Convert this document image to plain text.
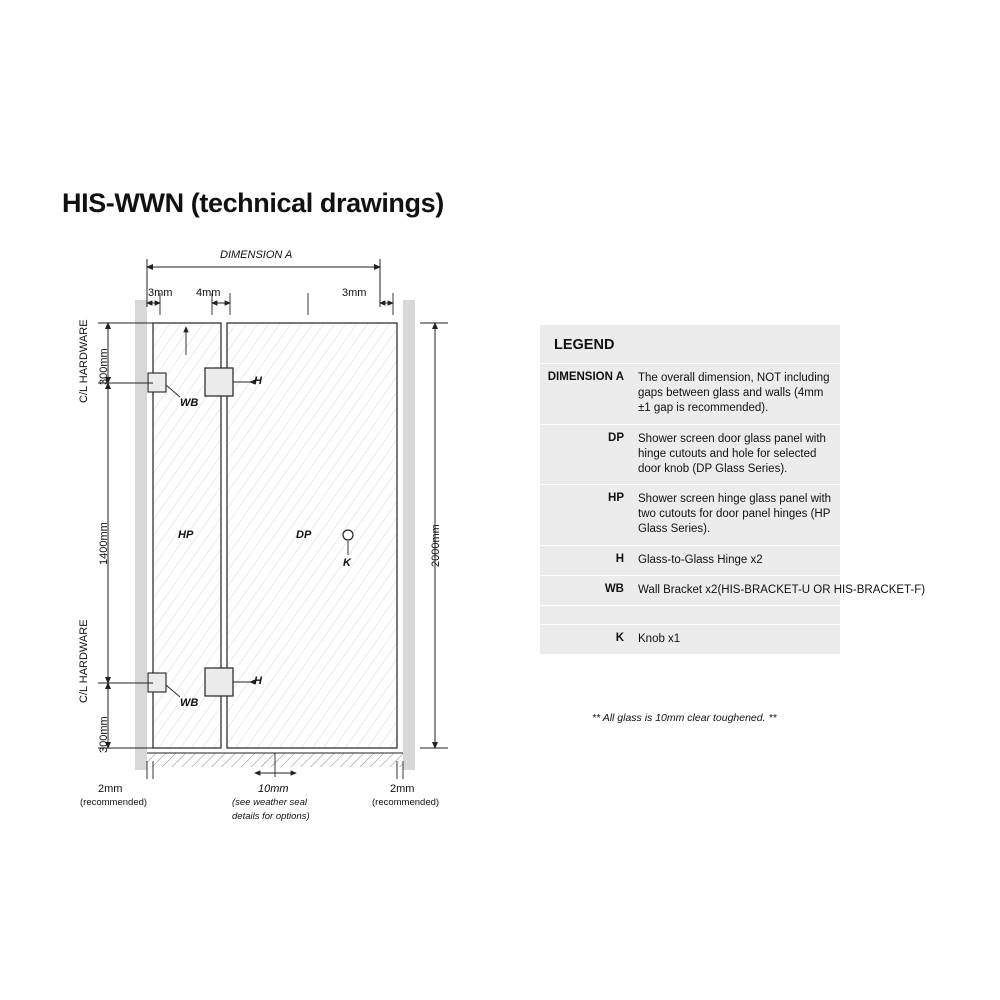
HIS-WWN (technical drawings)
DIMENSION A
3mm 4mm	3mm
C/L HARDWARE 300mm
1400mm
C/L HARDWARE
300mm
2000mm
HP	DP
K
H
H
WB
WB
2mm
(recommended)
10mm
(see weather seal
details for options)
2mm
(recommended)
LEGEND
DIMENSION A	The overall dimension, NOT including gaps between glass and walls (4mm ±1 gap is recommended).
DP	Shower screen door glass panel with hinge cutouts and hole for selected door knob (DP Glass Series).
HP	Shower screen hinge glass panel with two cutouts for door panel hinges (HP Glass Series).
H	Glass-to-Glass Hinge x2
WB	Wall Bracket x2(HIS-BRACKET-U OR HIS-BRACKET-F)
K	Knob x1
** All glass is 10mm clear toughened. **
